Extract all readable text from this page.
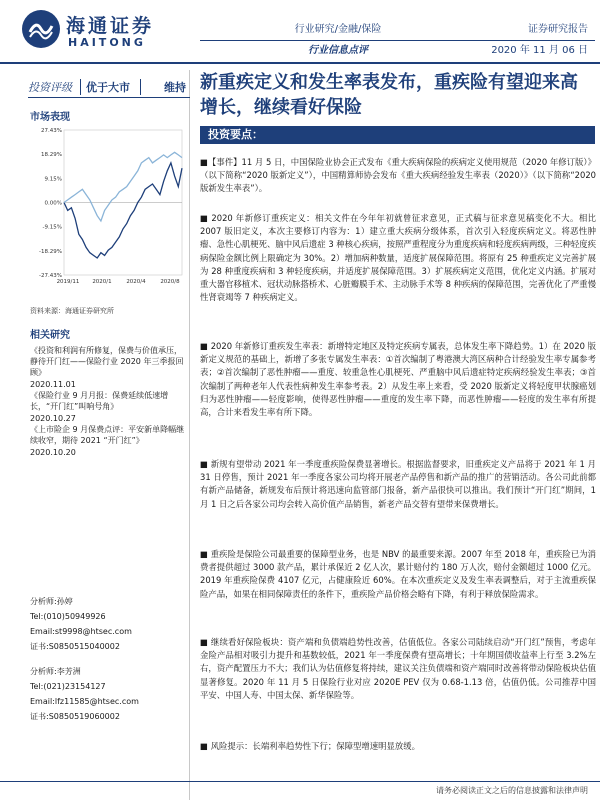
海通证券
HAITONG
行业研究/金融/保险
行业信息点评
证券研究报告
2020 年 11 月 06 日
投资评级	优于大市	维持
市场表现
27.43%
18.29%
9.15%
0.00%
-9.15%
-18.29%
-27.43%
2019/11 2020/1	2020/4	2020/8
资料来源：海通证券研究所
相关研究
《投资和利润有所修复，保费与价值承压，静待开门红——保险行业 2020 年三季报回顾》
2020.11.01
《保险行业 9 月月报：保费延续低速增长，“开门红”叫响号角》
2020.10.27
《上市险企 9 月保费点评：平安新单降幅继续收窄，期待 2021 “开门红”》
2020.10.20
分析师:孙婷
Tel:(010)50949926
Email:st9998@htsec.com
证书:S0850515040002
分析师:李芳洲
Tel:(021)23154127
Email:lfz11585@htsec.com
证书:S0850519060002
新重疾定义和发生率表发布，重疾险有望迎来高增长，继续看好保险
投资要点：
■【事件】11 月 5 日，中国保险业协会正式发布《重大疾病保险的疾病定义使用规范（2020 年修订版）》（以下简称“2020 版新定义”），中国精算师协会发布《重大疾病经验发生率表（2020）》（以下简称“2020 版新发生率表”）。
■ 2020 年新修订重疾定义：相关文件在今年年初就曾征求意见，正式稿与征求意见稿变化不大。相比 2007 版旧定义，本次主要修订内容为：1）建立重大疾病分级体系，首次引入轻度疾病定义。将恶性肿瘤、急性心肌梗死、脑中风后遗症 3 种核心疾病，按照严重程度分为重度疾病和轻度疾病两级，三种轻度疾病保险金额比例上限确定为 30%。2）增加病种数量，适度扩展保障范围。将原有 25 种重疾定义完善扩展为 28 种重度疾病和 3 种轻度疾病，并适度扩展保障范围。3）扩展疾病定义范围，优化定义内涵。扩展对重大器官移植术、冠状动脉搭桥术、心脏瓣膜手术、主动脉手术等 8 种疾病的保障范围，完善优化了严重慢性肾衰竭等 7 种疾病定义。
■ 2020 年新修订重疾发生率表：新增特定地区及特定疾病专属表，总体发生率下降趋势。1）在 2020 版新定义规范的基础上，新增了多张专属发生率表：①首次编制了粤港澳大湾区病种合计经验发生率专属参考表；②首次编制了恶性肿瘤——重度、较重急性心肌梗死、严重脑中风后遗症特定疾病经验发生率表；③首次编制了两种老年人代表性病种发生率参考表。2）从发生率上来看，受 2020 版新定义将轻度甲状腺癌划归为恶性肿瘤——轻度影响，使得恶性肿瘤——重度的发生率下降，而恶性肿瘤——轻度的发生率有所提高，合计来看发生率有所下降。
■ 新规有望带动 2021 年一季度重疾险保费显著增长。根据监督要求，旧重疾定义产品将于 2021 年 1 月 31 日停售，预计 2021 年一季度各家公司均将开展老产品停售和新产品的推广的营销活动。各公司此前都有新产品储备，新规发布后预计将迅速向监管部门报备，新产品很快可以推出。我们预计“开门红”期间，1 月 1 日之后各家公司均会转入高价值产品销售，新老产品交替有望带来保费增长。
■ 重疾险是保险公司最重要的保障型业务，也是 NBV 的最重要来源。2007 年至 2018 年，重疾险已为消费者提供超过 3000 款产品，累计承保近 2 亿人次，累计赔付约 180 万人次，赔付金额超过 1000 亿元。2019 年重疾险保费 4107 亿元，占健康险近 60%。在本次重疾定义及发生率表调整后，对于主流重疾保险产品，如果在相同保障责任的条件下，重疾险产品价格会略有下降，有利于释放保险需求。
■ 继续看好保险板块：资产端和负债端趋势性改善，估值低位。各家公司陆续启动“开门红”预售，考虑年金险产品相对吸引力提升和基数较低，2021 年一季度保费有望高增长；十年期国债收益率上行至 3.2%左右，资产配置压力不大；我们认为估值修复将持续，建议关注负债端和资产端同时改善将带动保险板块估值显著修复。2020 年 11 月 5 日保险行业对应 2020E PEV 仅为 0.68-1.13 倍，估值仍低。公司推荐中国平安、中国人寿、中国太保、新华保险等。
■ 风险提示：长端利率趋势性下行；保障型增速明显放缓。
请务必阅读正文之后的信息披露和法律声明
